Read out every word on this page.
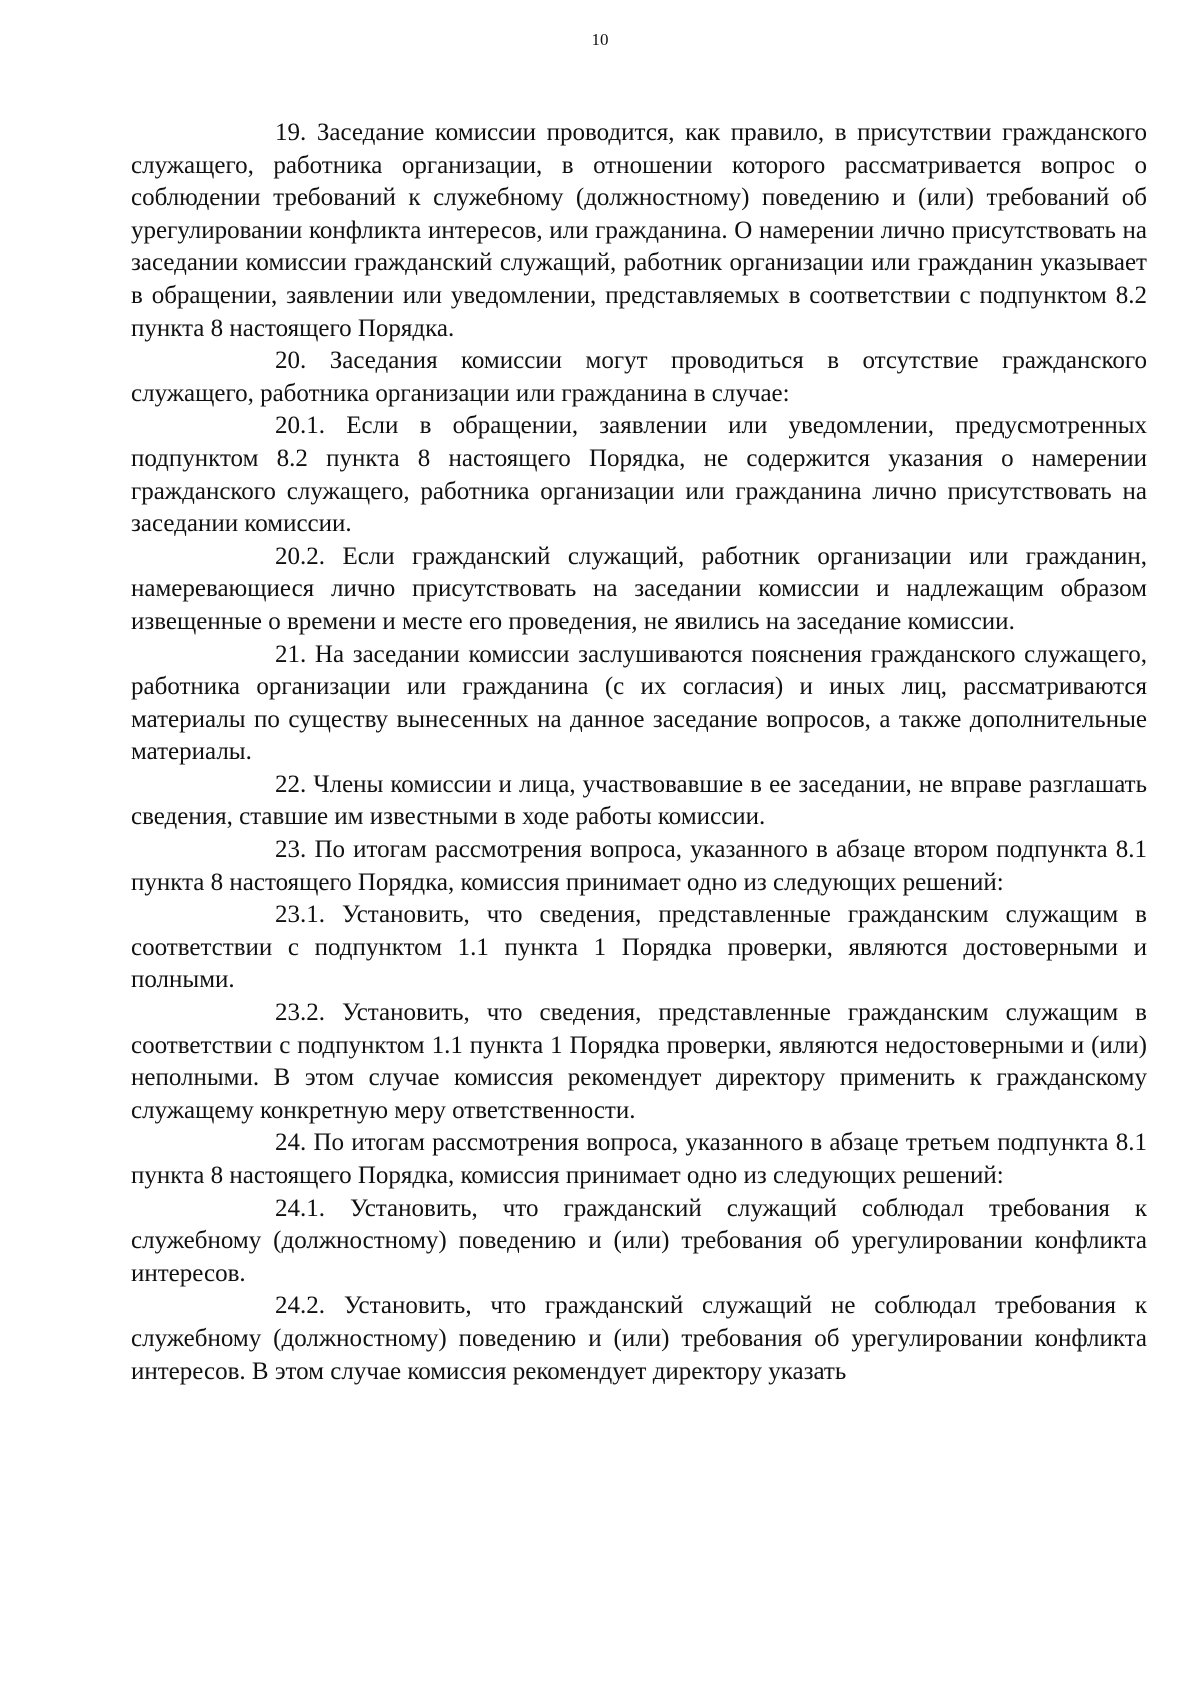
10

19. Заседание комиссии проводится, как правило, в присутствии гражданского служащего, работника организации, в отношении которого рассматривается вопрос о соблюдении требований к служебному (должностному) поведению и (или) требований об урегулировании конфликта интересов, или гражданина. О намерении лично присутствовать на заседании комиссии гражданский служащий, работник организации или гражданин указывает в обращении, заявлении или уведомлении, представляемых в соответствии с подпунктом 8.2 пункта 8 настоящего Порядка.

20. Заседания комиссии могут проводиться в отсутствие гражданского служащего, работника организации или гражданина в случае:

20.1. Если в обращении, заявлении или уведомлении, предусмотренных подпунктом 8.2 пункта 8 настоящего Порядка, не содержится указания о намерении гражданского служащего, работника организации или гражданина лично присутствовать на заседании комиссии.

20.2. Если гражданский служащий, работник организации или гражданин, намеревающиеся лично присутствовать на заседании комиссии и надлежащим образом извещенные о времени и месте его проведения, не явились на заседание комиссии.

21. На заседании комиссии заслушиваются пояснения гражданского служащего, работника организации или гражданина (с их согласия) и иных лиц, рассматриваются материалы по существу вынесенных на данное заседание вопросов, а также дополнительные материалы.

22. Члены комиссии и лица, участвовавшие в ее заседании, не вправе разглашать сведения, ставшие им известными в ходе работы комиссии.

23. По итогам рассмотрения вопроса, указанного в абзаце втором подпункта 8.1 пункта 8 настоящего Порядка, комиссия принимает одно из следующих решений:

23.1. Установить, что сведения, представленные гражданским служащим в соответствии с подпунктом 1.1 пункта 1 Порядка проверки, являются достоверными и полными.

23.2. Установить, что сведения, представленные гражданским служащим в соответствии с подпунктом 1.1 пункта 1 Порядка проверки, являются недостоверными и (или) неполными. В этом случае комиссия рекомендует директору применить к гражданскому служащему конкретную меру ответственности.

24. По итогам рассмотрения вопроса, указанного в абзаце третьем подпункта 8.1 пункта 8 настоящего Порядка, комиссия принимает одно из следующих решений:

24.1. Установить, что гражданский служащий соблюдал требования к служебному (должностному) поведению и (или) требования об урегулировании конфликта интересов.

24.2. Установить, что гражданский служащий не соблюдал требования к служебному (должностному) поведению и (или) требования об урегулировании конфликта интересов. В этом случае комиссия рекомендует директору указать
